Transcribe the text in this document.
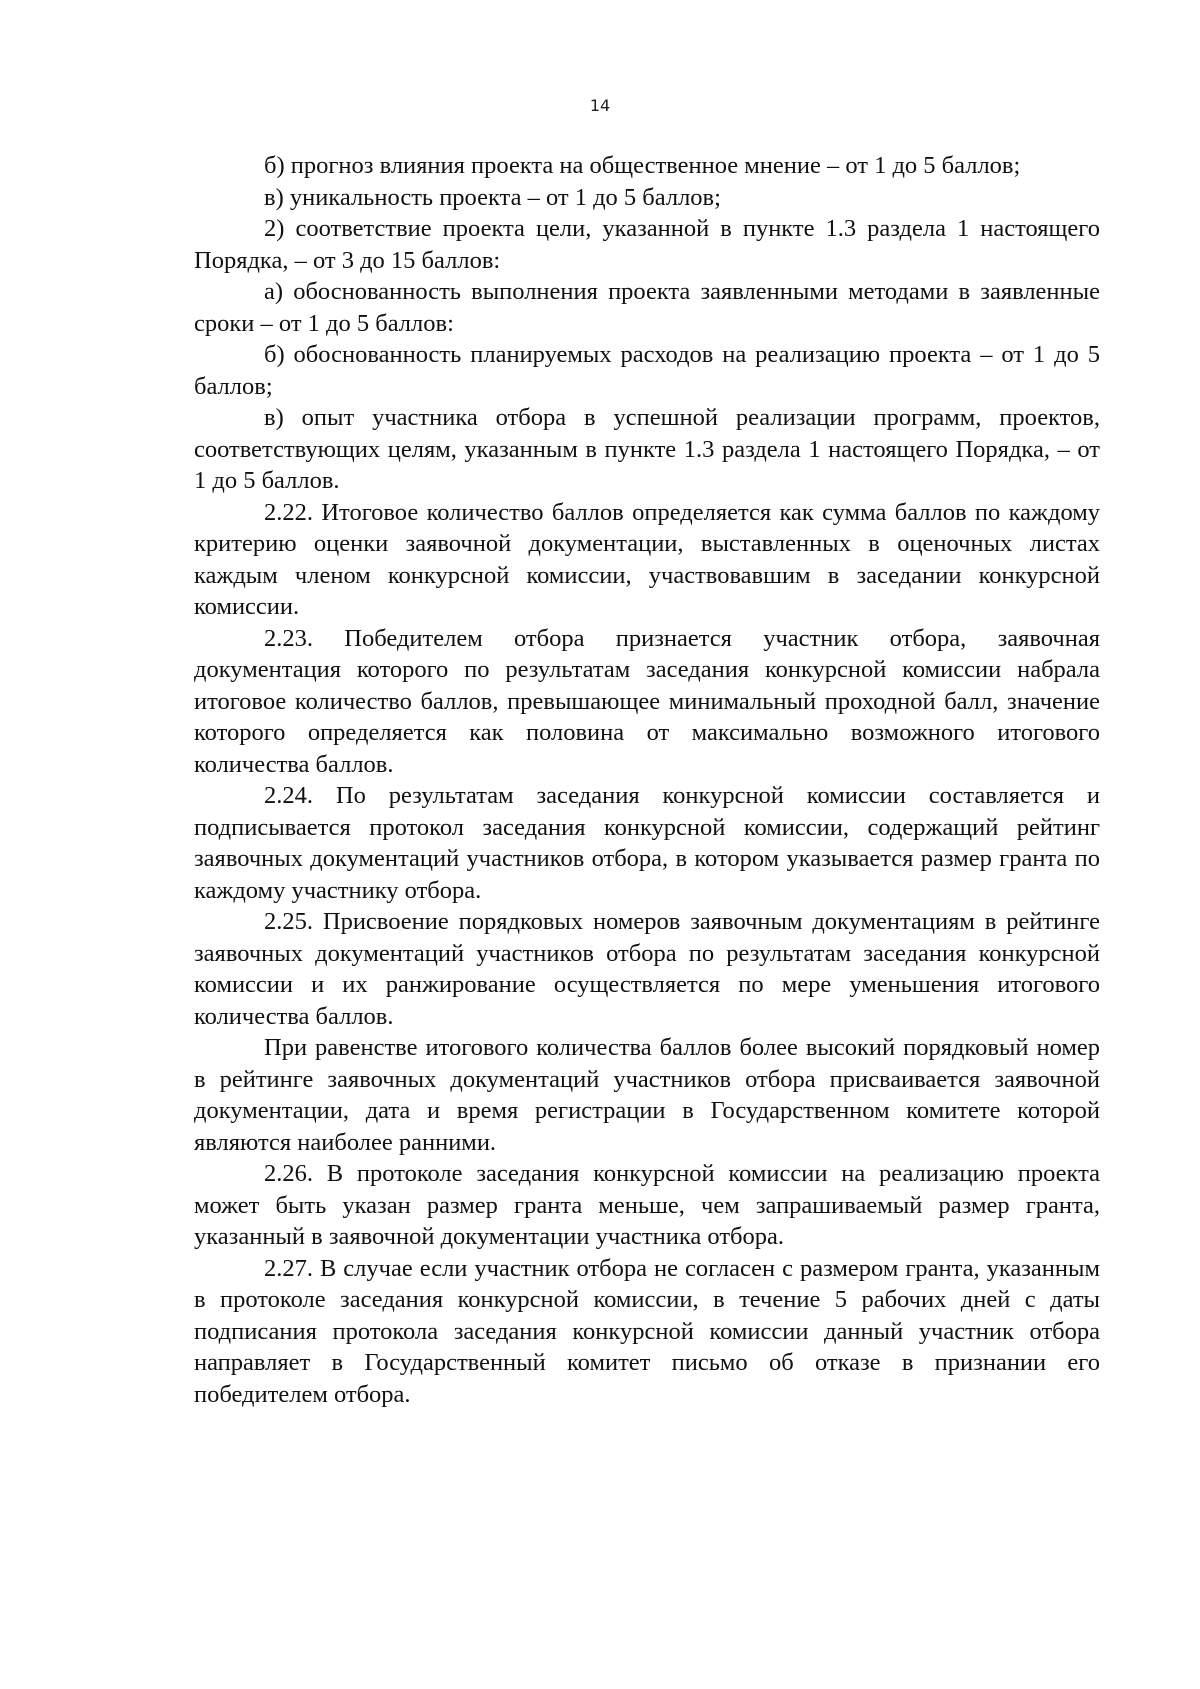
14

б) прогноз влияния проекта на общественное мнение – от 1 до 5 баллов;

в) уникальность проекта – от 1 до 5 баллов;

2) соответствие проекта цели, указанной в пункте 1.3 раздела 1 настоящего Порядка, – от 3 до 15 баллов:

а) обоснованность выполнения проекта заявленными методами в заявленные сроки – от 1 до 5 баллов:

б) обоснованность планируемых расходов на реализацию проекта – от 1 до 5 баллов;

в) опыт участника отбора в успешной реализации программ, проектов, соответствующих целям, указанным в пункте 1.3 раздела 1 настоящего Порядка, – от 1 до 5 баллов.

2.22. Итоговое количество баллов определяется как сумма баллов по каждому критерию оценки заявочной документации, выставленных в оценочных листах каждым членом конкурсной комиссии, участвовавшим в заседании конкурсной комиссии.

2.23. Победителем отбора признается участник отбора, заявочная документация которого по результатам заседания конкурсной комиссии набрала итоговое количество баллов, превышающее минимальный проходной балл, значение которого определяется как половина от максимально возможного итогового количества баллов.

2.24. По результатам заседания конкурсной комиссии составляется и подписывается протокол заседания конкурсной комиссии, содержащий рейтинг заявочных документаций участников отбора, в котором указывается размер гранта по каждому участнику отбора.

2.25. Присвоение порядковых номеров заявочным документациям в рейтинге заявочных документаций участников отбора по результатам заседания конкурсной комиссии и их ранжирование осуществляется по мере уменьшения итогового количества баллов.

При равенстве итогового количества баллов более высокий порядковый номер в рейтинге заявочных документаций участников отбора присваивается заявочной документации, дата и время регистрации в Государственном комитете которой являются наиболее ранними.

2.26. В протоколе заседания конкурсной комиссии на реализацию проекта может быть указан размер гранта меньше, чем запрашиваемый размер гранта, указанный в заявочной документации участника отбора.

2.27. В случае если участник отбора не согласен с размером гранта, указанным в протоколе заседания конкурсной комиссии, в течение 5 рабочих дней с даты подписания протокола заседания конкурсной комиссии данный участник отбора направляет в Государственный комитет письмо об отказе в признании его победителем отбора.
